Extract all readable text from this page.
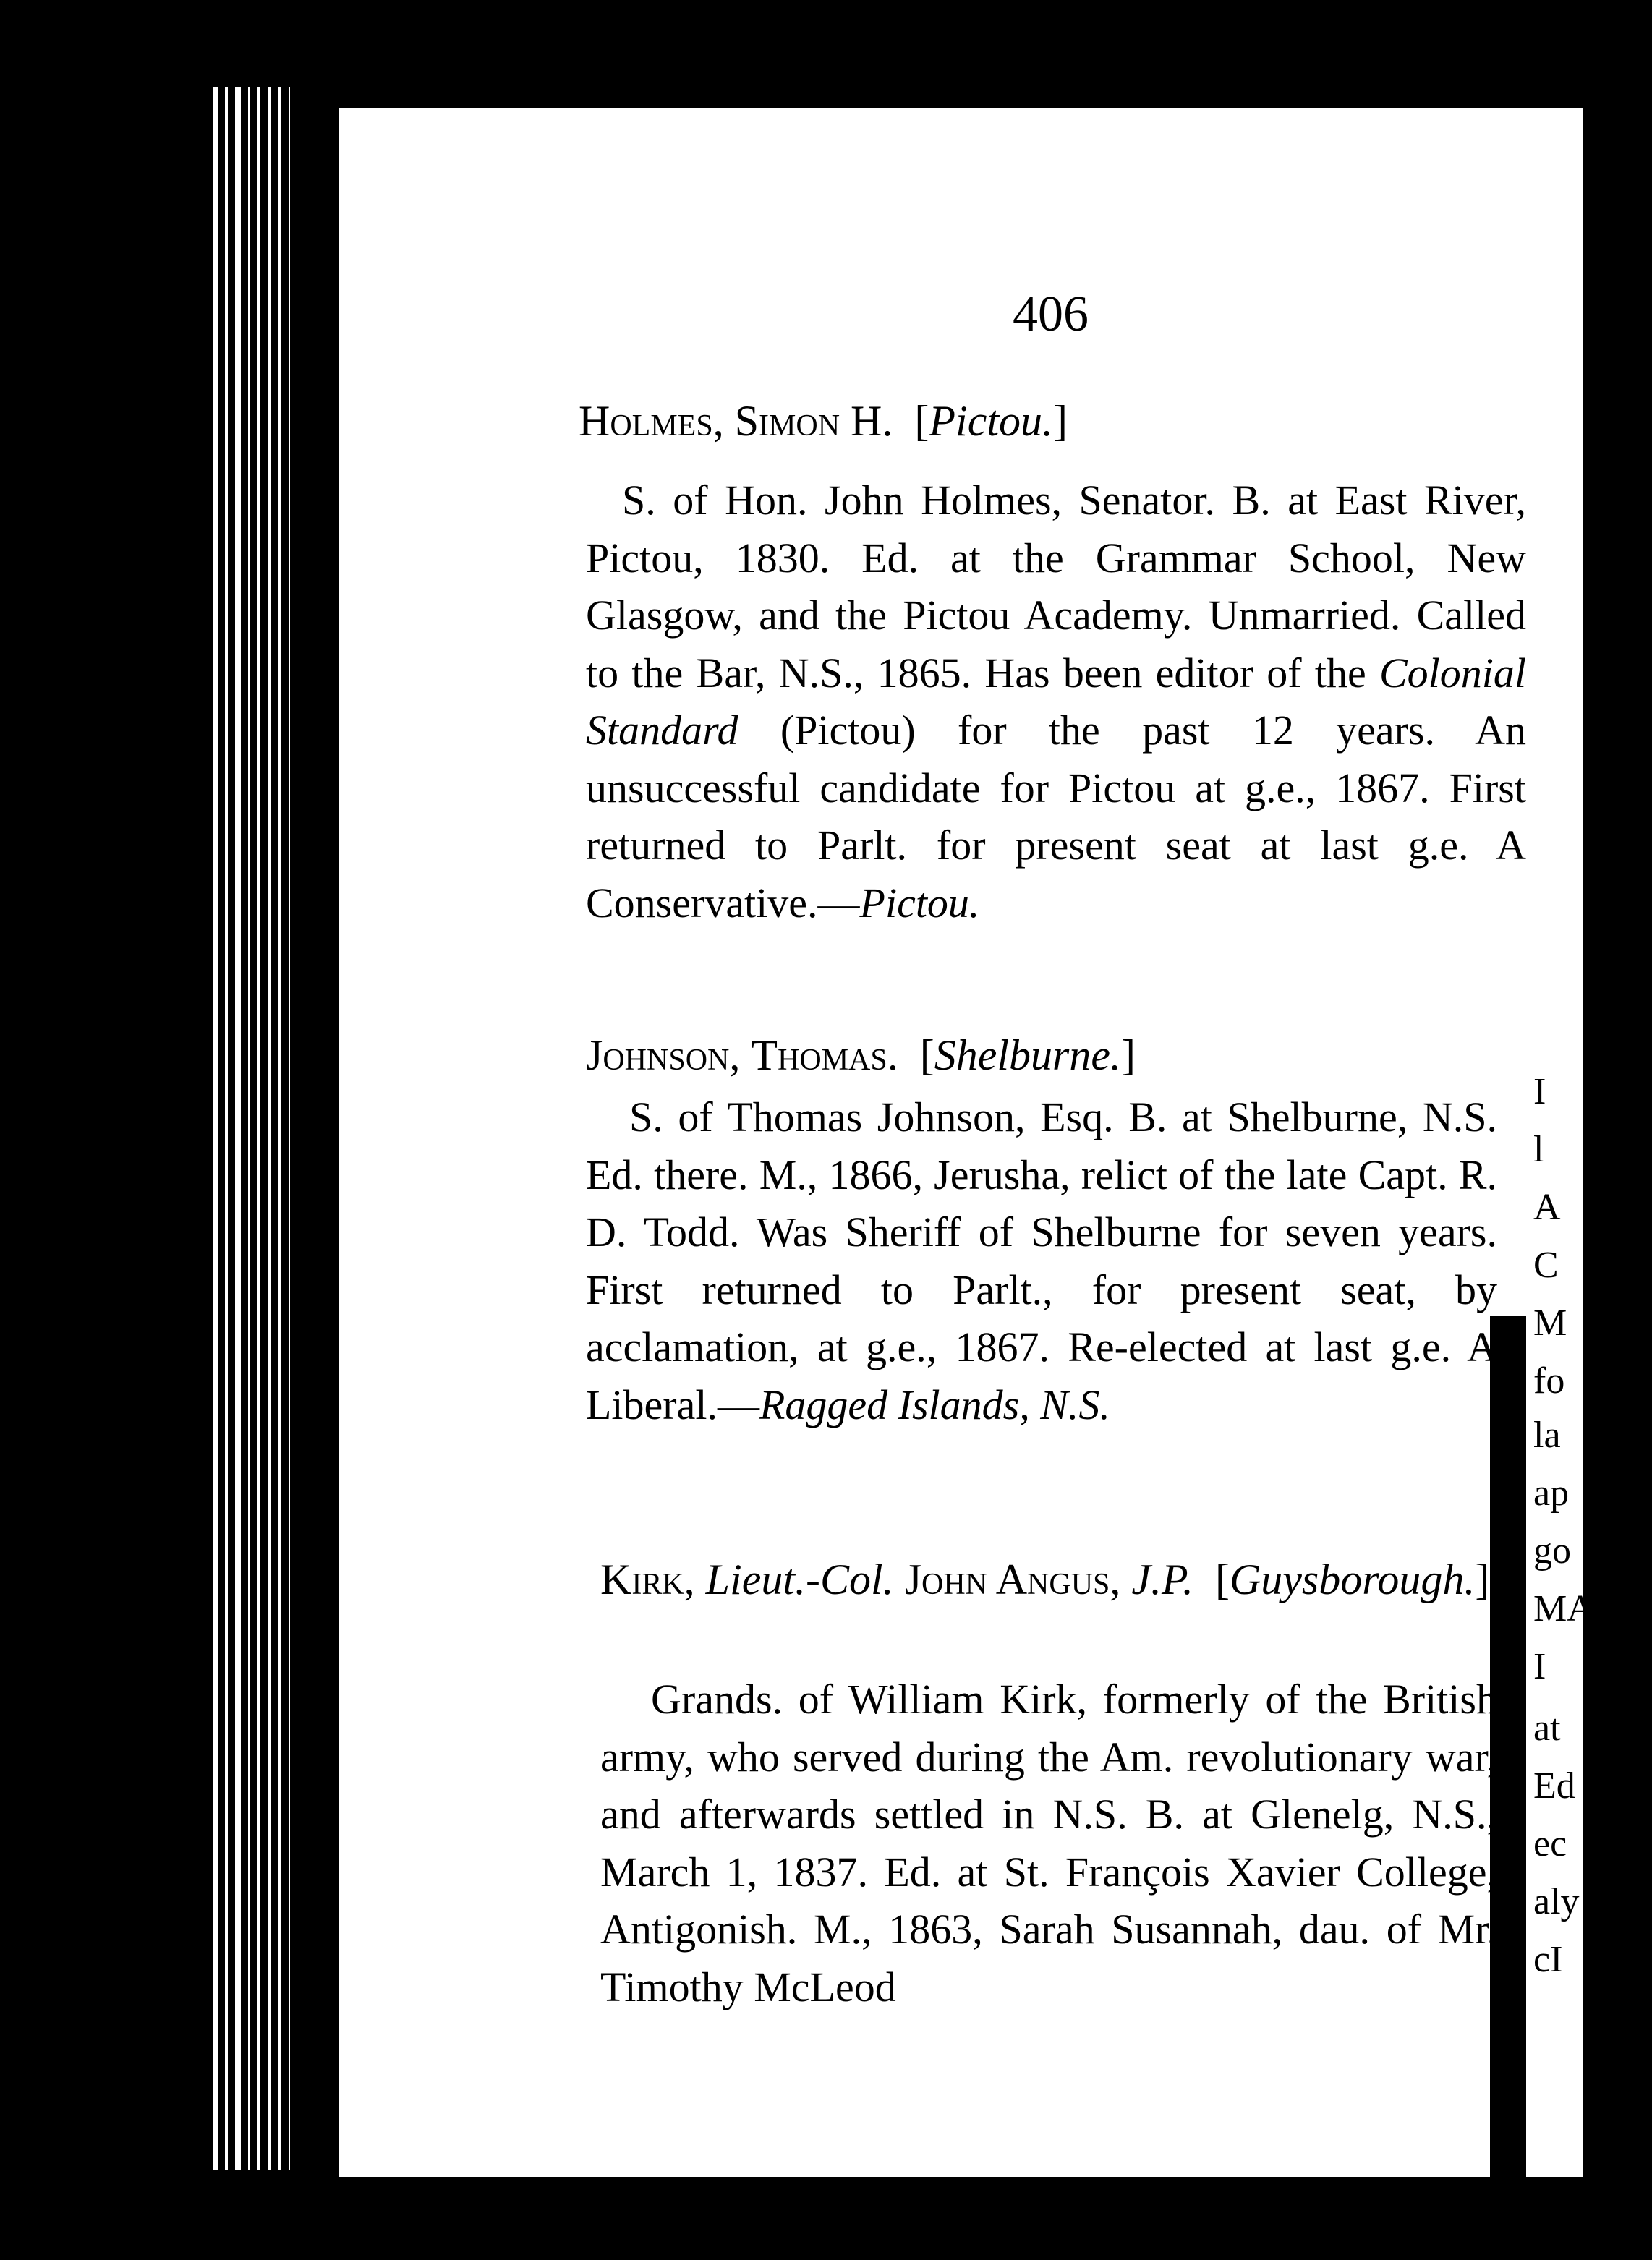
I
l
A
C
M
fo
la
ap
go
MA
I
at
Ed
ec
aly
cI
406
Holmes, Simon H.  [Pictou.]
S. of Hon. John Holmes, Senator. B. at East River, Pictou, 1830. Ed. at the Grammar School, New Glasgow, and the Pictou Academy. Unmarried. Called to the Bar, N.S., 1865. Has been editor of the Colonial Standard (Pictou) for the past 12 years. An unsuccessful candidate for Pictou at g.e., 1867. First returned to Parlt. for present seat at last g.e. A Conservative.—Pictou.
Johnson, Thomas.  [Shelburne.]
S. of Thomas Johnson, Esq. B. at Shelburne, N.S. Ed. there. M., 1866, Jerusha, relict of the late Capt. R. D. Todd. Was Sheriff of Shelburne for seven years. First returned to Parlt., for present seat, by acclamation, at g.e., 1867. Re-elected at last g.e. A Liberal.—Ragged Islands, N.S.
Kirk, Lieut.-Col. John Angus, J.P.  [Guysborough.]
Grands. of William Kirk, formerly of the British army, who served during the Am. revolutionary war, and afterwards settled in N.S. B. at Glenelg, N.S., March 1, 1837. Ed. at St. François Xavier College, Antigonish. M., 1863, Sarah Susannah, dau. of Mr. Timothy McLeod
